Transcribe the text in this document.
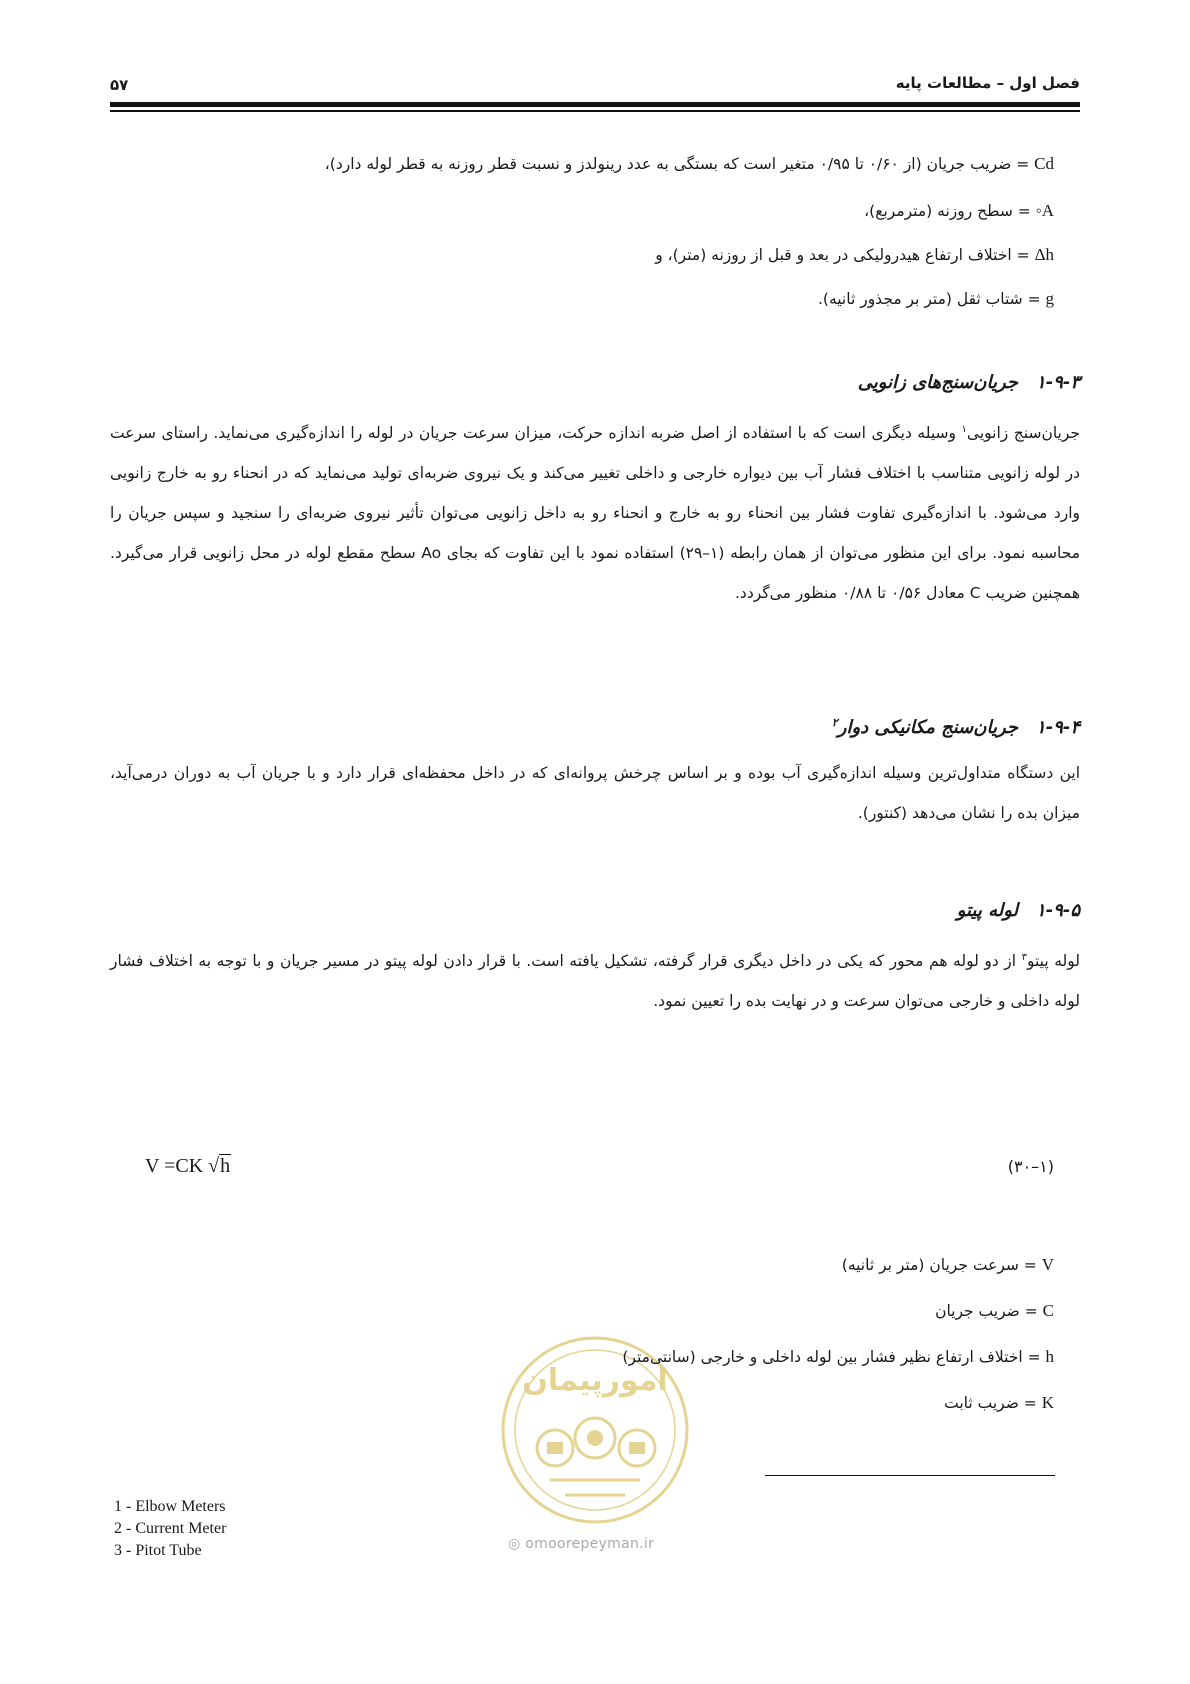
فصل اول – مطالعات پایه
۵۷
Cd = ضریب جریان (از ۰/۶۰ تا ۰/۹۵ متغیر است که بستگی به عدد رینولدز و نسبت قطر روزنه به قطر لوله دارد)،
A◦ = سطح روزنه (مترمربع)،
Δh = اختلاف ارتفاع هیدرولیکی در بعد و قبل از روزنه (متر)، و
g = شتاب ثقل (متر بر مجذور ثانیه).
۱-۹-۳جریان‌سنج‌های زانویی
جریان‌سنج زانویی$^۱$ وسیله دیگری است که با استفاده از اصل ضربه اندازه حرکت، میزان سرعت جریان در لوله را اندازه‌گیری می‌نماید. راستای سرعت در لوله زانویی متناسب با اختلاف فشار آب بین دیواره خارجی و داخلی تغییر می‌کند و یک نیروی ضربه‌ای تولید می‌نماید که در انحناء رو به خارج زانویی وارد می‌شود. با اندازه‌گیری تفاوت فشار بین انحناء رو به خارج و انحناء رو به داخل زانویی می‌توان تأثیر نیروی ضربه‌ای را سنجید و سپس جریان را محاسبه نمود. برای این منظور می‌توان از همان رابطه (۱–۲۹) استفاده نمود با این تفاوت که بجای Ao سطح مقطع لوله در محل زانویی قرار می‌گیرد. همچنین ضریب C معادل ۰/۵۶ تا ۰/۸۸ منظور می‌گردد.
۱-۹-۴جریان‌سنج مکانیکی دوار$^۲$
این دستگاه متداول‌ترین وسیله اندازه‌گیری آب بوده و بر اساس چرخش پروانه‌ای که در داخل محفظه‌ای قرار دارد و با جریان آب به دوران درمی‌آید، میزان بده را نشان می‌دهد (کنتور).
۱-۹-۵لوله پیتو
لوله پیتو$^۳$ از دو لوله هم محور که یکی در داخل دیگری قرار گرفته، تشکیل یافته است. با قرار دادن لوله پیتو در مسیر جریان و با توجه به اختلاف فشار لوله داخلی و خارجی می‌توان سرعت و در نهایت بده را تعیین نمود.
V =CK √h	(۱–۳۰)
امورپیمان
◎ omoorepeyman.ir
V = سرعت جریان (متر بر ثانیه)
C = ضریب جریان
h = اختلاف ارتفاع نظیر فشار بین لوله داخلی و خارجی (سانتی‌متر)
K = ضریب ثابت
1 - Elbow Meters
2 - Current Meter
3 - Pitot Tube
